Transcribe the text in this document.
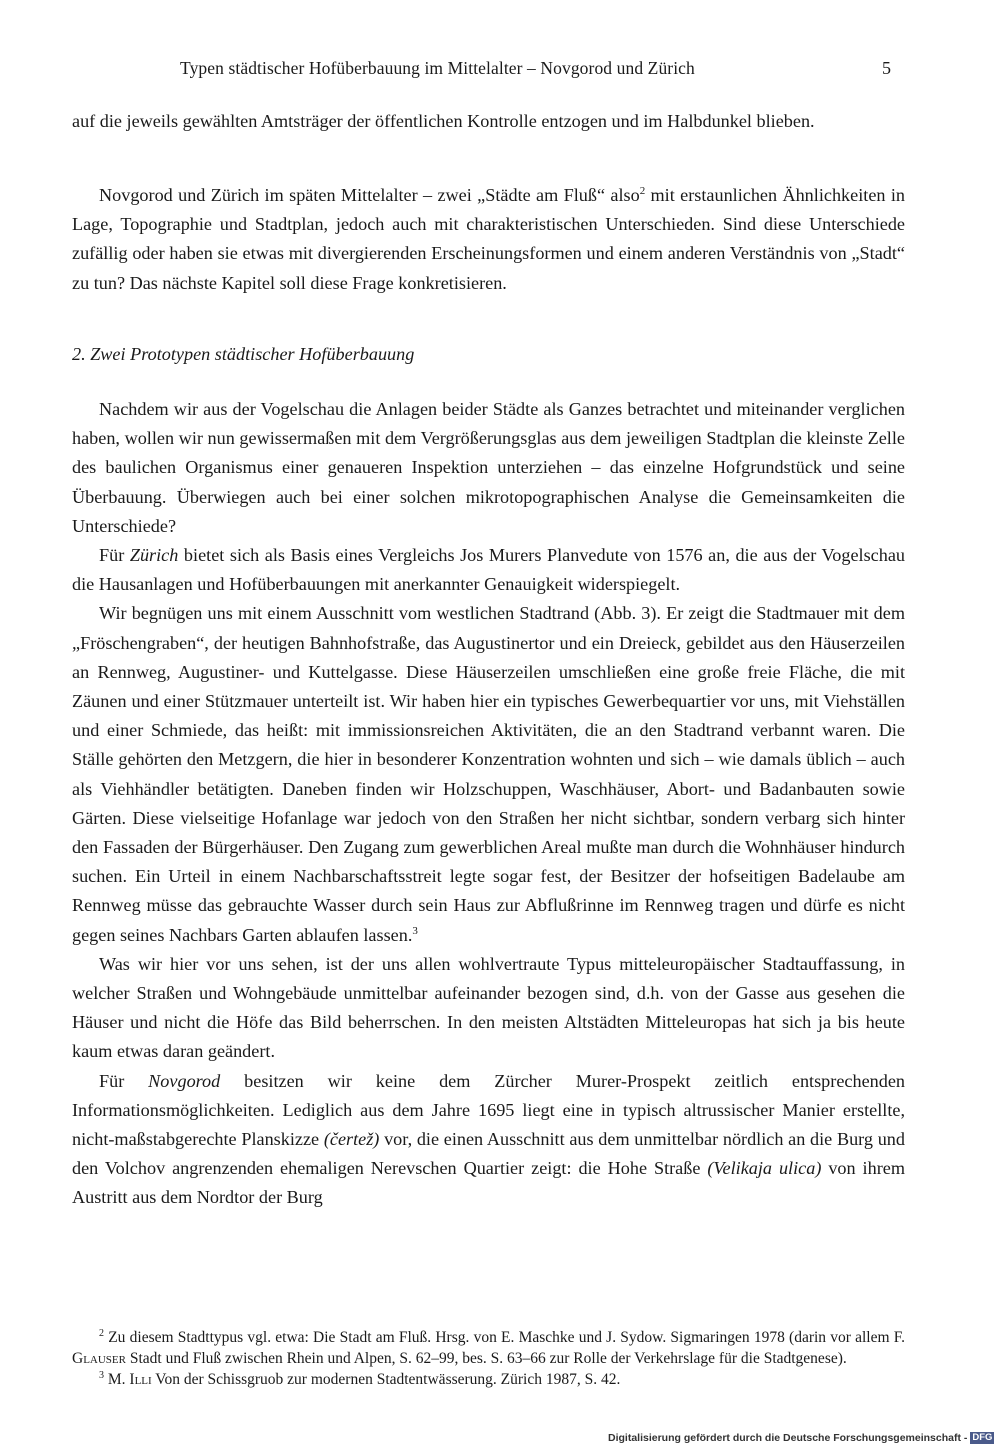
Typen städtischer Hofüberbauung im Mittelalter – Novgorod und Zürich	5

auf die jeweils gewählten Amtsträger der öffentlichen Kontrolle entzogen und im Halbdunkel blieben.

Novgorod und Zürich im späten Mittelalter – zwei „Städte am Fluß“ also$^2$ mit erstaunlichen Ähnlichkeiten in Lage, Topographie und Stadtplan, jedoch auch mit charakteristischen Unterschieden. Sind diese Unterschiede zufällig oder haben sie etwas mit divergierenden Erscheinungsformen und einem anderen Verständnis von „Stadt“ zu tun? Das nächste Kapitel soll diese Frage konkretisieren.

2. Zwei Prototypen städtischer Hofüberbauung

Nachdem wir aus der Vogelschau die Anlagen beider Städte als Ganzes betrachtet und miteinander verglichen haben, wollen wir nun gewissermaßen mit dem Vergrößerungsglas aus dem jeweiligen Stadtplan die kleinste Zelle des baulichen Organismus einer genaueren Inspektion unterziehen – das einzelne Hofgrundstück und seine Überbauung. Überwiegen auch bei einer solchen mikrotopographischen Analyse die Gemeinsamkeiten die Unterschiede?

Für Zürich bietet sich als Basis eines Vergleichs Jos Murers Planvedute von 1576 an, die aus der Vogelschau die Hausanlagen und Hofüberbauungen mit anerkannter Genauigkeit widerspiegelt.

Wir begnügen uns mit einem Ausschnitt vom westlichen Stadtrand (Abb. 3). Er zeigt die Stadtmauer mit dem „Fröschengraben“, der heutigen Bahnhofstraße, das Augustinertor und ein Dreieck, gebildet aus den Häuserzeilen an Rennweg, Augustiner- und Kuttelgasse. Diese Häuserzeilen umschließen eine große freie Fläche, die mit Zäunen und einer Stützmauer unterteilt ist. Wir haben hier ein typisches Gewerbequartier vor uns, mit Viehställen und einer Schmiede, das heißt: mit immissionsreichen Aktivitäten, die an den Stadtrand verbannt waren. Die Ställe gehörten den Metzgern, die hier in besonderer Konzentration wohnten und sich – wie damals üblich – auch als Viehhändler betätigten. Daneben finden wir Holzschuppen, Waschhäuser, Abort- und Badanbauten sowie Gärten. Diese vielseitige Hofanlage war jedoch von den Straßen her nicht sichtbar, sondern verbarg sich hinter den Fassaden der Bürgerhäuser. Den Zugang zum gewerblichen Areal mußte man durch die Wohnhäuser hindurch suchen. Ein Urteil in einem Nachbarschaftsstreit legte sogar fest, der Besitzer der hofseitigen Badelaube am Rennweg müsse das gebrauchte Wasser durch sein Haus zur Abflußrinne im Rennweg tragen und dürfe es nicht gegen seines Nachbars Garten ablaufen lassen.$^3$

Was wir hier vor uns sehen, ist der uns allen wohlvertraute Typus mitteleuropäischer Stadtauffassung, in welcher Straßen und Wohngebäude unmittelbar aufeinander bezogen sind, d.h. von der Gasse aus gesehen die Häuser und nicht die Höfe das Bild beherrschen. In den meisten Altstädten Mitteleuropas hat sich ja bis heute kaum etwas daran geändert.

Für Novgorod besitzen wir keine dem Zürcher Murer-Prospekt zeitlich entsprechenden Informationsmöglichkeiten. Lediglich aus dem Jahre 1695 liegt eine in typisch altrussischer Manier erstellte, nicht-maßstabgerechte Planskizze (čertež) vor, die einen Ausschnitt aus dem unmittelbar nördlich an die Burg und den Volchov angrenzenden ehemaligen Nerevschen Quartier zeigt: die Hohe Straße (Velikaja ulica) von ihrem Austritt aus dem Nordtor der Burg

$^2$ Zu diesem Stadttypus vgl. etwa: Die Stadt am Fluß. Hrsg. von E. Maschke und J. Sydow. Sigmaringen 1978 (darin vor allem F. Glauser Stadt und Fluß zwischen Rhein und Alpen, S. 62–99, bes. S. 63–66 zur Rolle der Verkehrslage für die Stadtgenese).

$^3$ M. Illi Von der Schissgruob zur modernen Stadtentwässerung. Zürich 1987, S. 42.

Digitalisierung gefördert durch die Deutsche Forschungsgemeinschaft - DFG
